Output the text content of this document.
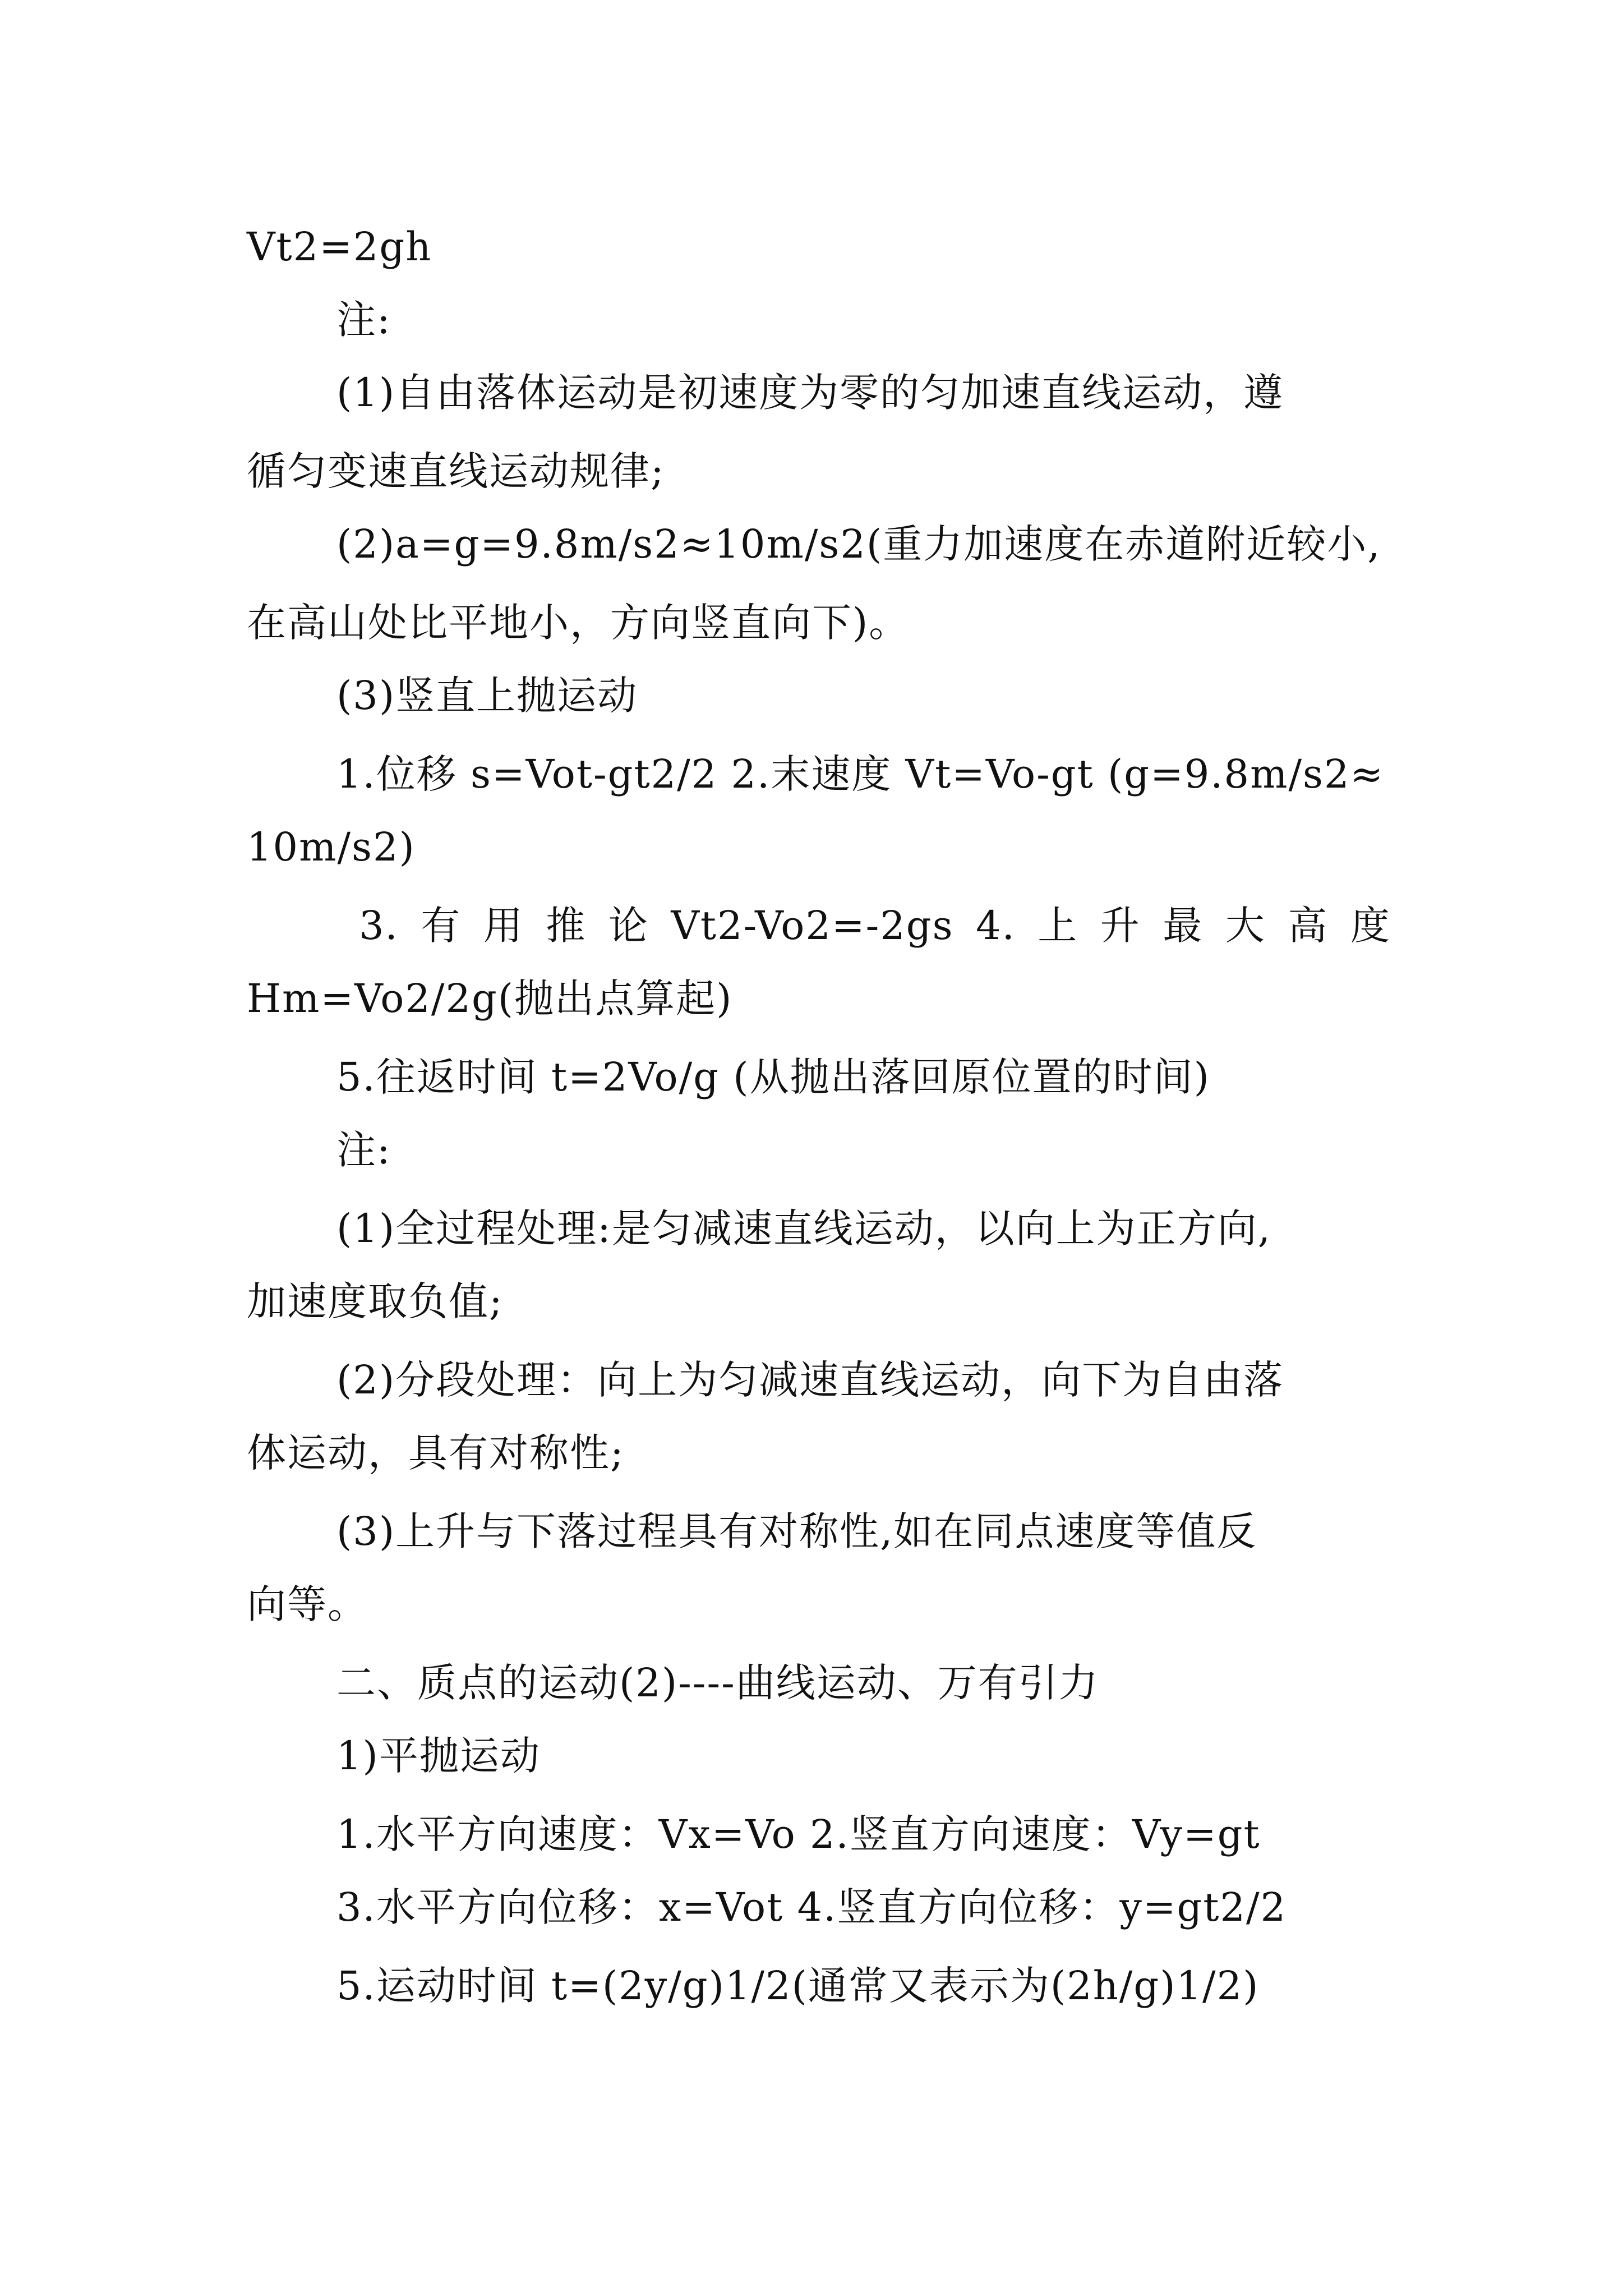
Vt2=2gh

注:

(1)自由落体运动是初速度为零的匀加速直线运动，遵

循匀变速直线运动规律;

(2)a=g=9.8m/s2≈10m/s2(重力加速度在赤道附近较小,

在高山处比平地小，方向竖直向下)。

(3)竖直上抛运动

1.位移 s=Vot-gt2/2 2.末速度 Vt=Vo-gt (g=9.8m/s2≈

10m/s2)

3. 有 用 推 论 Vt2-Vo2=-2gs 4. 上 升 最 大 高 度

Hm=Vo2/2g(抛出点算起)

5.往返时间 t=2Vo/g (从抛出落回原位置的时间)

注:

(1)全过程处理:是匀减速直线运动，以向上为正方向,

加速度取负值;

(2)分段处理：向上为匀减速直线运动，向下为自由落

体运动，具有对称性;

(3)上升与下落过程具有对称性,如在同点速度等值反

向等。

二、质点的运动(2)----曲线运动、万有引力

1)平抛运动

1.水平方向速度：Vx=Vo 2.竖直方向速度：Vy=gt

3.水平方向位移：x=Vot 4.竖直方向位移：y=gt2/2

5.运动时间 t=(2y/g)1/2(通常又表示为(2h/g)1/2)
